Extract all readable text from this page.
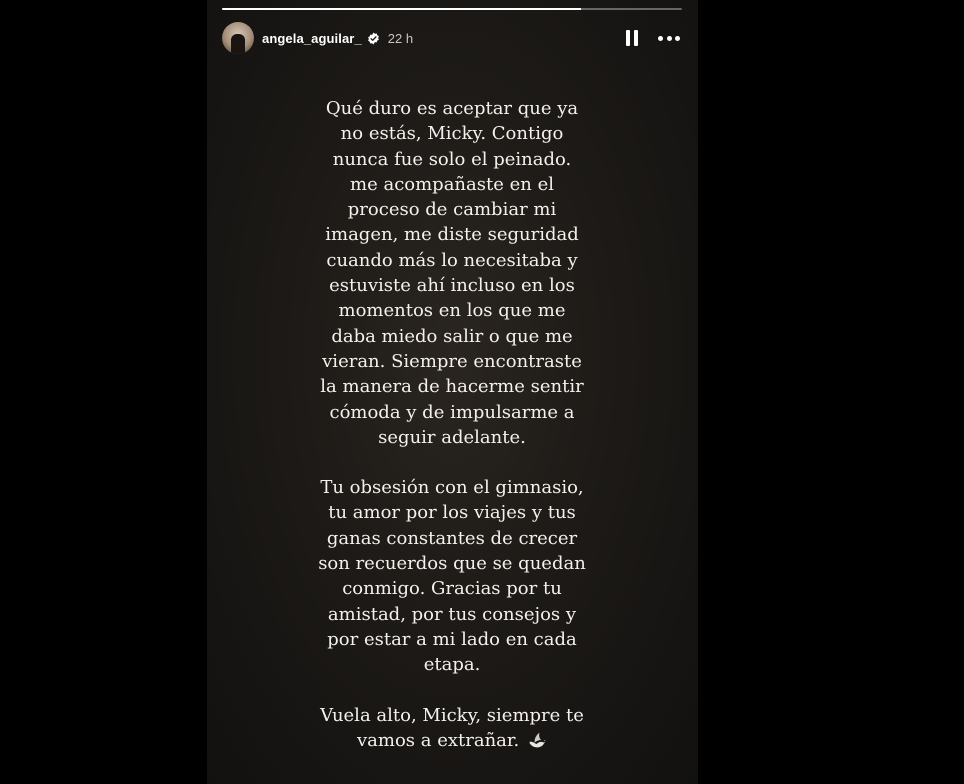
angela_aguilar_ 22 h

Qué duro es aceptar que ya

no estás, Micky. Contigo

nunca fue solo el peinado.

me acompañaste en el

proceso de cambiar mi

imagen, me diste seguridad

cuando más lo necesitaba y

estuviste ahí incluso en los

momentos en los que me

daba miedo salir o que me

vieran. Siempre encontraste

la manera de hacerme sentir

cómoda y de impulsarme a

seguir adelante.

Tu obsesión con el gimnasio,

tu amor por los viajes y tus

ganas constantes de crecer

son recuerdos que se quedan

conmigo. Gracias por tu

amistad, por tus consejos y

por estar a mi lado en cada

etapa.

Vuela alto, Micky, siempre te

vamos a extrañar.
